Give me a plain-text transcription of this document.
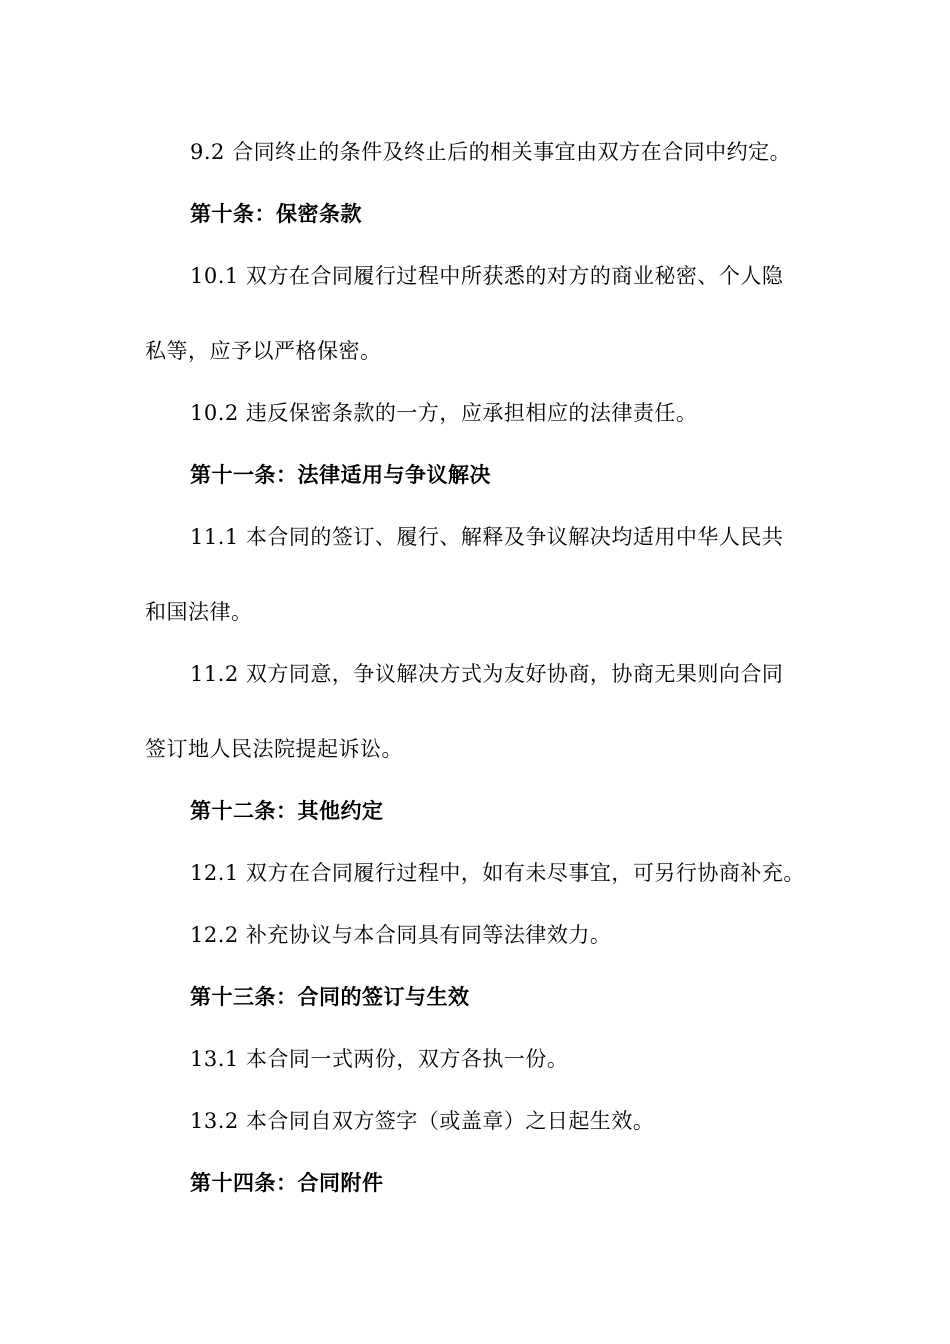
9.2 合同终止的条件及终止后的相关事宜由双方在合同中约定。
第十条：保密条款
10.1 双方在合同履行过程中所获悉的对方的商业秘密、个人隐
私等，应予以严格保密。
10.2 违反保密条款的一方，应承担相应的法律责任。
第十一条：法律适用与争议解决
11.1 本合同的签订、履行、解释及争议解决均适用中华人民共
和国法律。
11.2 双方同意，争议解决方式为友好协商，协商无果则向合同
签订地人民法院提起诉讼。
第十二条：其他约定
12.1 双方在合同履行过程中，如有未尽事宜，可另行协商补充。
12.2 补充协议与本合同具有同等法律效力。
第十三条：合同的签订与生效
13.1 本合同一式两份，双方各执一份。
13.2 本合同自双方签字（或盖章）之日起生效。
第十四条：合同附件
